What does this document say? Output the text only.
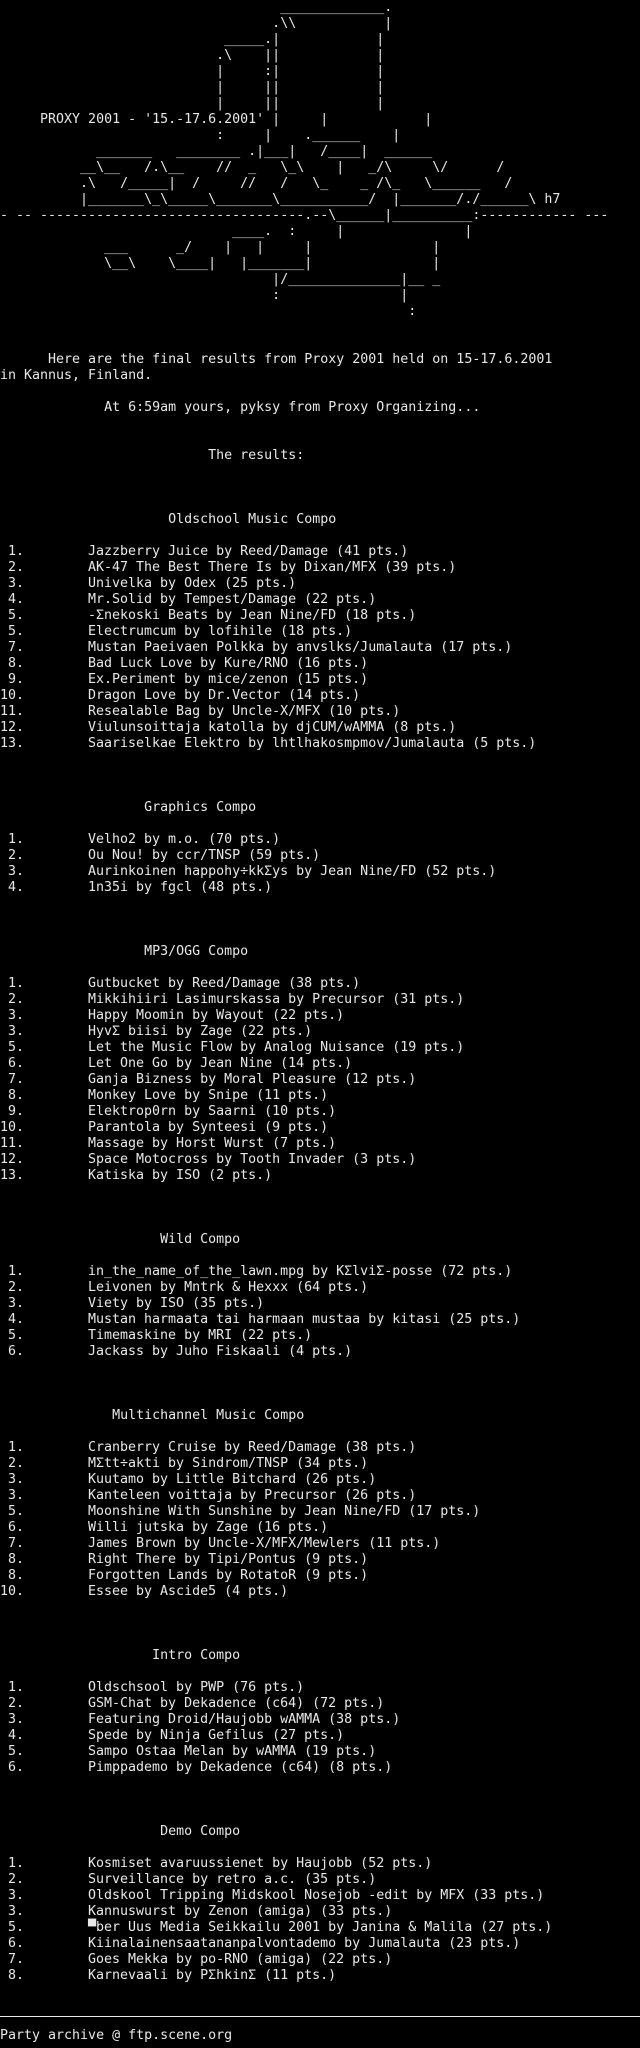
_____________.
.\\           |
_____.|            |
.\    ||            |
|     :|            |
|     ||            |
|     ||            |
PROXY 2001 - '15.-17.6.2001' |     |            |
:     |    .______    |
_______   ________ .|___|   /____|  ______
__\__   /.\__    //  _   \_\    |   _/\     \/      /
.\   /_____|  /     //   /   \_    _ /\_   \______   /
|_______\_\_____\_______\___________/  |_______/./______\ h7
- -- ---------------------------------.--\______|__________:------------ ---
____.  :     |               |
___      _/    |   |     |               |
\__\    \____|   |_______|               |
|/______________|__ _
:               |
:
Here are the final results from Proxy 2001 held on 15-17.6.2001
in Kannus, Finland.
At 6:59am yours, pyksy from Proxy Organizing...
The results:
Oldschool Music Compo
1.	Jazzberry Juice by Reed/Damage (41 pts.)
2.	AK-47 The Best There Is by Dixan/MFX (39 pts.)
3.	Univelka by Odex (25 pts.)
4.	Mr.Solid by Tempest/Damage (22 pts.)
5.	-Σnekoski Beats by Jean Nine/FD (18 pts.)
5.	Electrumcum by lofihile (18 pts.)
7.	Mustan Paeivaen Polkka by anvslks/Jumalauta (17 pts.)
8.	Bad Luck Love by Kure/RNO (16 pts.)
9.	Ex.Periment by mice/zenon (15 pts.)
10.	Dragon Love by Dr.Vector (14 pts.)
11.	Resealable Bag by Uncle-X/MFX (10 pts.)
12.	Viulunsoittaja katolla by djCUM/wAMMA (8 pts.)
13.	Saariselkae Elektro by lhtlhakosmpmov/Jumalauta (5 pts.)
Graphics Compo
1.	Velho2 by m.o. (70 pts.)
2.	Ou Nou! by ccr/TNSP (59 pts.)
3.	Aurinkoinen happohy÷kkΣys by Jean Nine/FD (52 pts.)
4.	1n35i by fgcl (48 pts.)
MP3/OGG Compo
1.	Gutbucket by Reed/Damage (38 pts.)
2.	Mikkihiiri Lasimurskassa by Precursor (31 pts.)
3.	Happy Moomin by Wayout (22 pts.)
3.	HyvΣ biisi by Zage (22 pts.)
5.	Let the Music Flow by Analog Nuisance (19 pts.)
6.	Let One Go by Jean Nine (14 pts.)
7.	Ganja Bizness by Moral Pleasure (12 pts.)
8.	Monkey Love by Snipe (11 pts.)
9.	Elektrop0rn by Saarni (10 pts.)
10.	Parantola by Synteesi (9 pts.)
11.	Massage by Horst Wurst (7 pts.)
12.	Space Motocross by Tooth Invader (3 pts.)
13.	Katiska by ISO (2 pts.)
Wild Compo
1.	in_the_name_of_the_lawn.mpg by KΣlviΣ-posse (72 pts.)
2.	Leivonen by Mntrk & Hexxx (64 pts.)
3.	Viety by ISO (35 pts.)
4.	Mustan harmaata tai harmaan mustaa by kitasi (25 pts.)
5.	Timemaskine by MRI (22 pts.)
6.	Jackass by Juho Fiskaali (4 pts.)
Multichannel Music Compo
1.	Cranberry Cruise by Reed/Damage (38 pts.)
2.	MΣtt÷akti by Sindrom/TNSP (34 pts.)
3.	Kuutamo by Little Bitchard (26 pts.)
3.	Kanteleen voittaja by Precursor (26 pts.)
5.	Moonshine With Sunshine by Jean Nine/FD (17 pts.)
6.	Willi jutska by Zage (16 pts.)
7.	James Brown by Uncle-X/MFX/Mewlers (11 pts.)
8.	Right There by Tipi/Pontus (9 pts.)
8.	Forgotten Lands by RotatoR (9 pts.)
10.	Essee by Ascide5 (4 pts.)
Intro Compo
1.	Oldschsool by PWP (76 pts.)
2.	GSM-Chat by Dekadence (c64) (72 pts.)
3.	Featuring Droid/Haujobb wAMMA (38 pts.)
4.	Spede by Ninja Gefilus (27 pts.)
5.	Sampo Ostaa Melan by wAMMA (19 pts.)
6.	Pimppademo by Dekadence (c64) (8 pts.)
Demo Compo
1.	Kosmiset avaruussienet by Haujobb (52 pts.)
2.	Surveillance by retro a.c. (35 pts.)
3.	Oldskool Tripping Midskool Nosejob -edit by MFX (33 pts.)
3.	Kannuswurst by Zenon (amiga) (33 pts.)
5.	▀ber Uus Media Seikkailu 2001 by Janina & Malila (27 pts.)
6.	Kiinalainensaatananpalvontademo by Jumalauta (23 pts.)
7.	Goes Mekka by po-RNO (amiga) (22 pts.)
8.	Karnevaali by PΣhkinΣ (11 pts.)
Party archive @ ftp.scene.org
